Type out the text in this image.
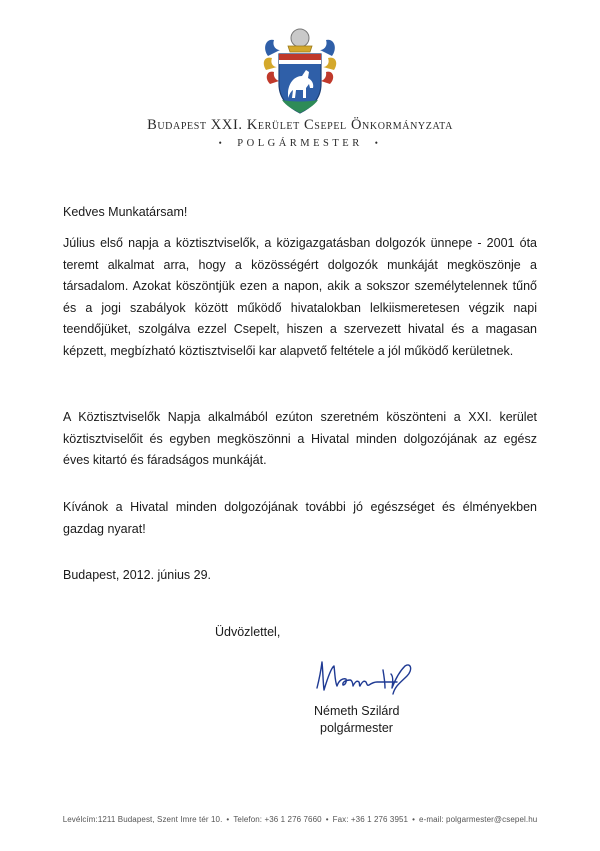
Budapest XXI. Kerület Csepel Önkormányzata
• POLGÁRMESTER •
Kedves Munkatársam!
Július első napja a köztisztviselők, a közigazgatásban dolgozók ünnepe - 2001 óta teremt alkalmat arra, hogy a közösségért dolgozók munkáját megköszönje a társadalom. Azokat köszöntjük ezen a napon, akik a sokszor személytelennek tűnő és a jogi szabályok között működő hivatalokban lelkiismeretesen végzik napi teendőjüket, szolgálva ezzel Csepelt, hiszen a szervezett hivatal és a magasan képzett, megbízható köztisztviselői kar alapvető feltétele a jól működő kerületnek.
A Köztisztviselők Napja alkalmából ezúton szeretném köszönteni a XXI. kerület köztisztviselőit és egyben megköszönni a Hivatal minden dolgozójának az egész éves kitartó és fáradságos munkáját.
Kívánok a Hivatal minden dolgozójának további jó egészséget és élményekben gazdag nyarat!
Budapest, 2012. június 29.
Üdvözlettel,
Németh Szilárd
polgármester
Levélcím:1211 Budapest, Szent Imre tér 10. • Telefon: +36 1 276 7660 • Fax: +36 1 276 3951 • e-mail: polgarmester@csepel.hu
